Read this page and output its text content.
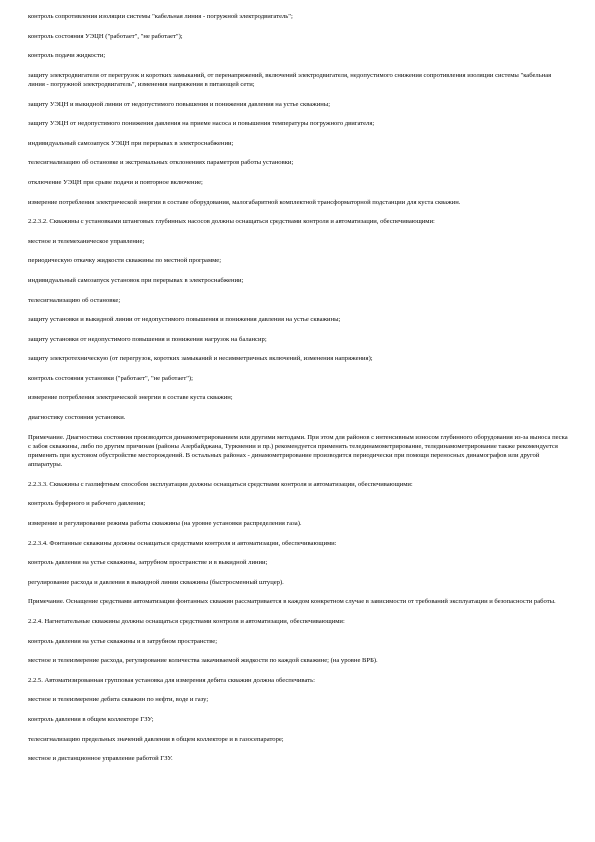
контроль сопротивления изоляции системы "кабельная линия - погружной электродвигатель";

контроль состояния УЭЦН ("работает", "не работает");

контроль подачи жидкости;

защиту электродвигателя от перегрузок и коротких замыканий, от перенапряжений, включений электродвигателя, недопустимого снижения сопротивления изоляции системы "кабельная линия - погружной электродвигатель", изменения напряжения в питающей сети;

защиту УЭЦН и выкидной линии от недопустимого повышения и понижения давления на устье скважины;

защиту УЭЦН от недопустимого понижения давления на приеме насоса и повышения температуры погружного двигателя;

индивидуальный самозапуск УЭЦН при перерывах в электроснабжении;

телесигнализацию об остановке и экстремальных отклонениях параметров работы установки;

отключение УЭЦН при срыве подачи и повторное включение;

измерение потребления электрической энергии в составе оборудования, малогабаритной комплектной трансформаторной подстанции для куста скважин.

2.2.3.2. Скважины с установками штанговых глубинных насосов должны оснащаться средствами контроля и автоматизации, обеспечивающими:

местное и телемеханическое управление;

периодическую откачку жидкости скважины по местной программе;

индивидуальный самозапуск установок при перерывах в электроснабжении;

телесигнализацию об остановке;

защиту установки и выкидной линии от недопустимого повышения и понижения давления на устье скважины;

защиту установки от недопустимого повышения и понижения нагрузок на балансир;

защиту электротехническую (от перегрузок, коротких замыканий и несимметричных включений, изменения напряжения);

контроль состояния установки ("работает", "не работает");

измерение потребления электрической энергии в составе куста скважин;

диагностику состояния установки.

Примечание. Диагностика состояния производится динамометрированием или другими методами. При этом для районов с интенсивным износом глубинного оборудования из-за выноса песка с забоя скважины, либо по другим причинам (районы Азербайджана, Туркмении и пр.) рекомендуется применять телединамометрирование, телединамометрирование также рекомендуется применять при кустовом обустройстве месторождений. В остальных районах - динамометрирование производится периодически при помощи переносных динамографов или другой аппаратуры.

2.2.3.3. Скважины с газлифтным способом эксплуатации должны оснащаться средствами контроля и автоматизации, обеспечивающими:

контроль буферного и рабочего давления;

измерение и регулирование режима работы скважины (на уровне установки распределения газа).

2.2.3.4. Фонтанные скважины должны оснащаться средствами контроля и автоматизации, обеспечивающими:

контроль давления на устье скважины, затрубном пространстве и в выкидной линии;

регулирование расхода и давления в выкидной линии скважины (быстросменный штуцер).

Примечание. Оснащение средствами автоматизации фонтанных скважин рассматривается в каждом конкретном случае в зависимости от требований эксплуатации и безопасности работы.

2.2.4. Нагнетательные скважины должны оснащаться средствами контроля и автоматизации, обеспечивающими:

контроль давления на устье скважины и в затрубном пространстве;

местное и телеизмерение расхода, регулирование количества закачиваемой жидкости по каждой скважине; (на уровне ВРБ).

2.2.5. Автоматизированная групповая установка для измерения дебита скважин должна обеспечивать:

местное и телеизмерение дебита скважин по нефти, воде и газу;

контроль давления в общем коллекторе ГЗУ;

телесигнализацию предельных значений давления в общем коллекторе и в газосепараторе;

местное и дистанционное управление работой ГЗУ.
